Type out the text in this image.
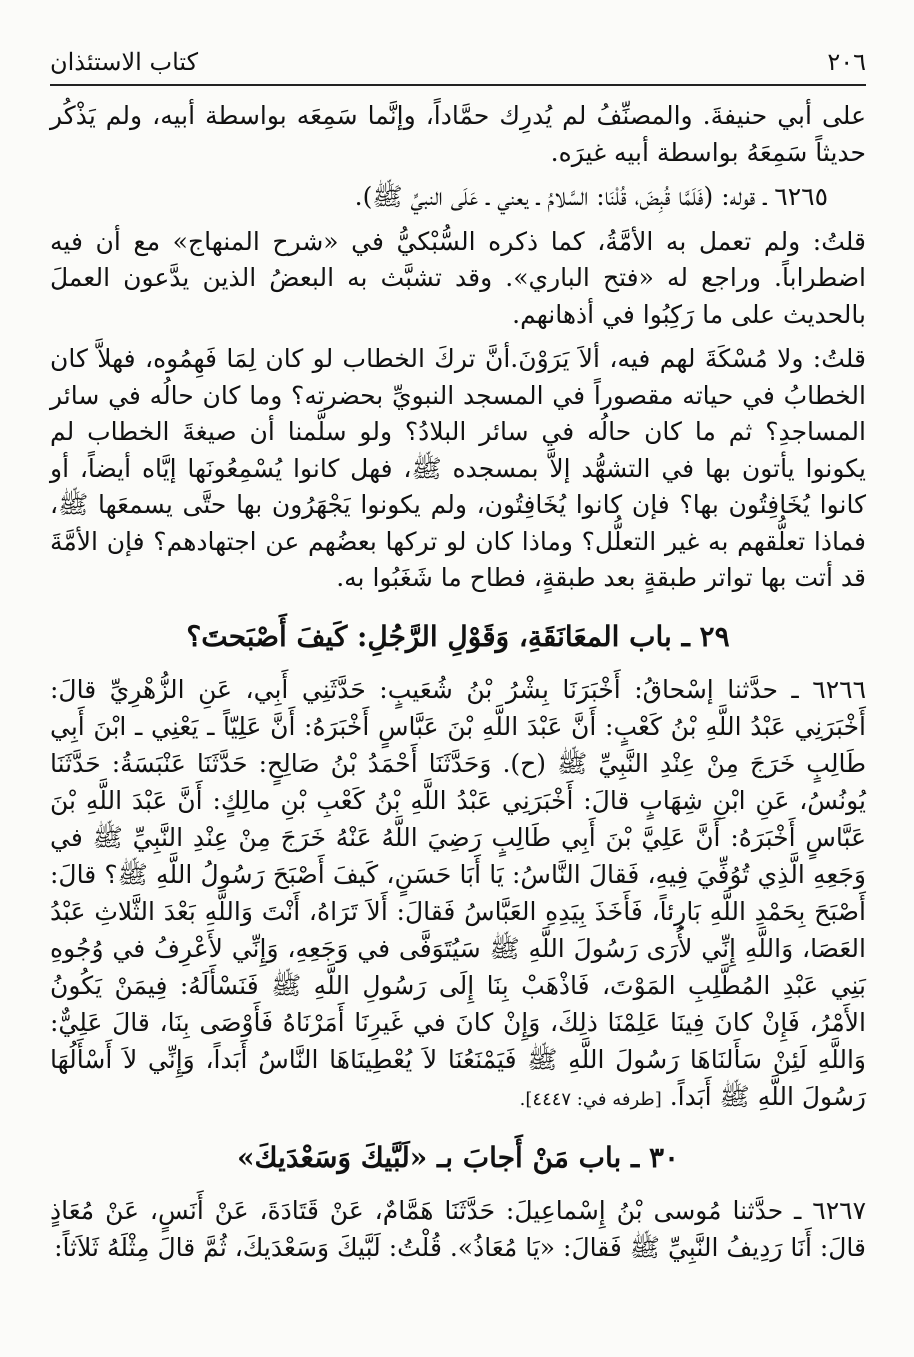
٢٠٦
كتاب الاستئذان

على أبي حنيفةَ. والمصنِّفُ لم يُدرِك حمَّاداً، وإنَّما سَمِعَه بواسطة أبيه، ولم يَذْكُر حديثاً سَمِعَهُ بواسطة أبيه غيرَه.

٦٢٦٥ ـ قوله: (فَلَمَّا قُبِضَ، قُلْنَا: السَّلامُ ـ يعني ـ عَلَى النبيِّ ﷺ).

قلتُ: ولم تعمل به الأمَّةُ، كما ذكره السُّبْكيُّ في «شرح المنهاج» مع أن فيه اضطراباً. وراجع له «فتح الباري». وقد تشبَّث به البعضُ الذين يدَّعون العملَ بالحديث على ما رَكِبُوا في أذهانهم.

قلتُ: ولا مُسْكَةَ لهم فيه، ألاَ يَرَوْنَ.أنَّ تركَ الخطاب لو كان لِمَا فَهِمُوه، فهلاَّ كان الخطابُ في حياته مقصوراً في المسجد النبويِّ بحضرته؟ وما كان حالُه في سائر المساجدِ؟ ثم ما كان حالُه في سائر البلادُ؟ ولو سلَّمنا أن صيغةَ الخطاب لم يكونوا يأتون بها في التشهُّد إلاَّ بمسجده ﷺ، فهل كانوا يُسْمِعُونَها إيَّاه أيضاً، أو كانوا يُخَافِتُون بها؟ فإن كانوا يُخَافِتُون، ولم يكونوا يَجْهَرُون بها حتَّى يسمعَها ﷺ، فماذا تعلُّقهم به غير التعلُّل؟ وماذا كان لو تركها بعضُهم عن اجتهادهم؟ فإن الأمَّةَ قد أتت بها تواتر طبقةٍ بعد طبقةٍ، فطاح ما شَغَبُوا به.

٢٩ ـ باب المعَانَقَةِ، وَقَوْلِ الرَّجُلِ: كَيفَ أَصْبَحتَ؟

٦٢٦٦ ـ حدَّثنا إسْحاقُ: أَخْبَرَنَا بِشْرُ بْنُ شُعَيبٍ: حَدَّثَنِي أَبِي، عَنِ الزُّهْرِيِّ قالَ: أَخْبَرَنِي عَبْدُ اللَّهِ بْنُ كَعْبٍ: أَنَّ عَبْدَ اللَّهِ بْنَ عَبَّاسٍ أَخْبَرَهُ: أَنَّ عَلِيّاً ـ يَعْنِي ـ ابْنَ أَبِي طَالِبٍ خَرَجَ مِنْ عِنْدِ النَّبِيِّ ﷺ (ح). وَحَدَّثَنَا أَحْمَدُ بْنُ صَالِحٍ: حَدَّثَنَا عَنْبَسَةُ: حَدَّثَنَا يُونُسُ، عَنِ ابْنِ شِهَابٍ قالَ: أَخْبَرَنِي عَبْدُ اللَّهِ بْنُ كَعْبِ بْنِ مالِكٍ: أَنَّ عَبْدَ اللَّهِ بْنَ عَبَّاسٍ أَخْبَرَهُ: أَنَّ عَلِيَّ بْنَ أَبِي طَالِبٍ رَضِيَ اللَّهُ عَنْهُ خَرَجَ مِنْ عِنْدِ النَّبِيِّ ﷺ في وَجَعِهِ الَّذِي تُوُفِّيَ فِيهِ، فَقالَ النَّاسُ: يَا أَبَا حَسَنٍ، كَيفَ أَصْبَحَ رَسُولُ اللَّهِ ﷺ؟ قالَ: أَصْبَحَ بِحَمْدِ اللَّهِ بَارِئاً، فَأَخَذَ بِيَدِهِ العَبَّاسُ فَقالَ: أَلاَ تَرَاهُ، أَنْتَ وَاللَّهِ بَعْدَ الثَّلاثِ عَبْدُ العَصَا، وَاللَّهِ إِنِّي لأُرَى رَسُولَ اللَّهِ ﷺ سَيُتَوَفَّى في وَجَعِهِ، وَإِنِّي لأَعْرِفُ في وُجُوهِ بَنِي عَبْدِ المُطَّلِبِ المَوْتَ، فَاذْهَبْ بِنَا إِلَى رَسُولِ اللَّهِ ﷺ فَنَسْأَلَهُ: فِيمَنْ يَكُونُ الأَمْرُ، فَإِنْ كانَ فِينَا عَلِمْنَا ذلِكَ، وَإِنْ كانَ في غَيرِنَا أَمَرْنَاهُ فَأَوْصَى بِنَا، قالَ عَلِيٌّ: وَاللَّهِ لَئِنْ سَأَلنَاهَا رَسُولَ اللَّهِ ﷺ فَيَمْنَعُنَا لاَ يُعْطِينَاهَا النَّاسُ أَبَداً، وَإِنِّي لاَ أَسْأَلُهَا رَسُولَ اللَّهِ ﷺ أَبَداً. [طرفه في: ٤٤٤٧].

٣٠ ـ باب مَنْ أَجابَ بـ «لَبَّيكَ وَسَعْدَيكَ»

٦٢٦٧ ـ حدَّثنا مُوسى بْنُ إِسْماعِيلَ: حَدَّثَنَا هَمَّامٌ، عَنْ قَتَادَةَ، عَنْ أَنَسٍ، عَنْ مُعَاذٍ قالَ: أَنَا رَدِيفُ النَّبِيِّ ﷺ فَقالَ: «يَا مُعَاذُ». قُلْتُ: لَبَّيكَ وَسَعْدَيكَ، ثُمَّ قالَ مِثْلَهُ ثَلاَثاً:
